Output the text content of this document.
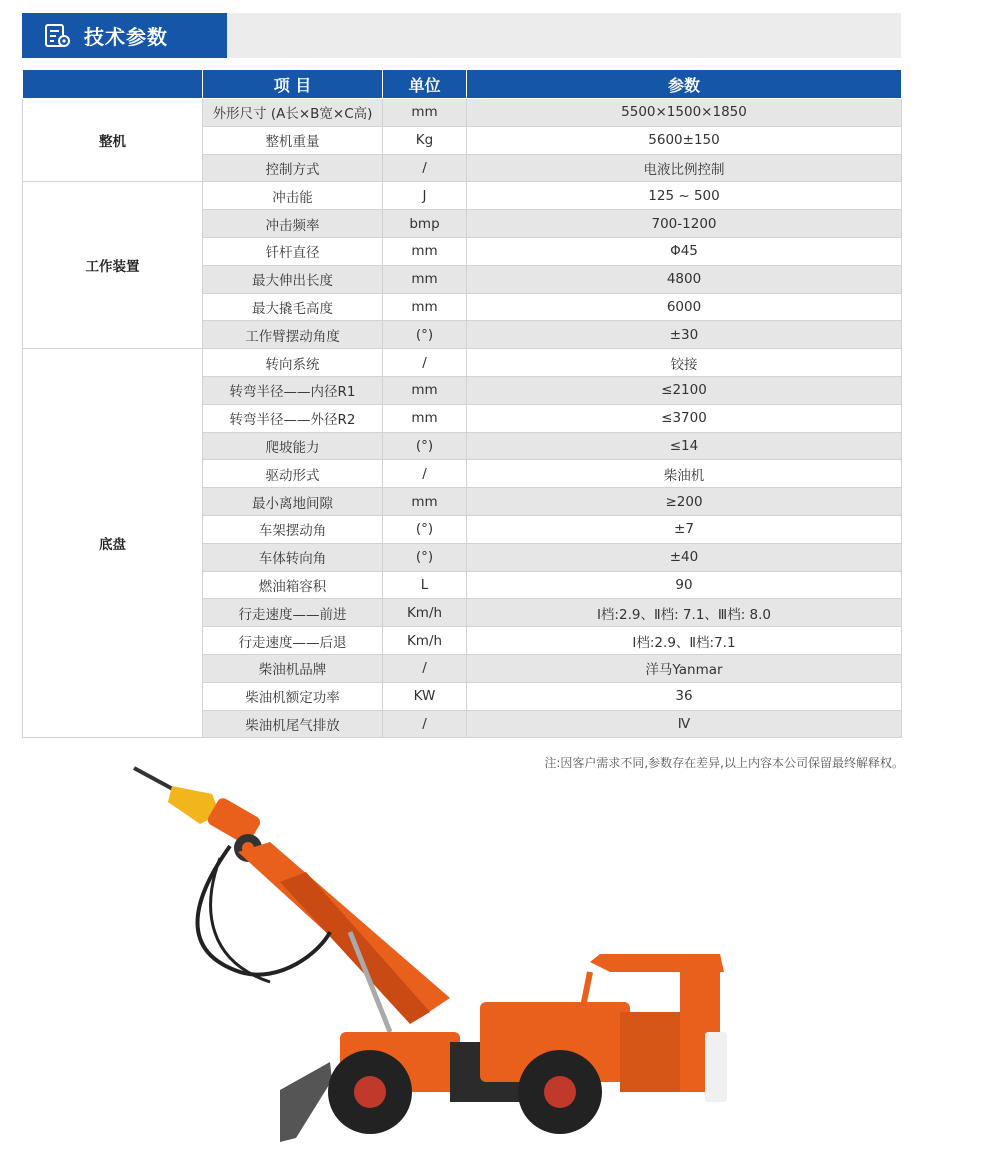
技术参数
	项 目	单位	参数
整机	外形尺寸 (A长×B宽×C高)	mm	5500×1500×1850
	整机重量	Kg	5600±150
	控制方式	/	电液比例控制
工作装置	冲击能	J	125 ~ 500
	冲击频率	bmp	700-1200
	钎杆直径	mm	Φ45
	最大伸出长度	mm	4800
	最大撬毛高度	mm	6000
	工作臂摆动角度	(°)	±30
底盘	转向系统	/	铰接
	转弯半径——内径R1	mm	≤2100
	转弯半径——外径R2	mm	≤3700
	爬坡能力	(°)	≤14
	驱动形式	/	柴油机
	最小离地间隙	mm	≥200
	车架摆动角	(°)	±7
	车体转向角	(°)	±40
	燃油箱容积	L	90
	行走速度——前进	Km/h	Ⅰ档:2.9、Ⅱ档: 7.1、Ⅲ档: 8.0
	行走速度——后退	Km/h	Ⅰ档:2.9、Ⅱ档:7.1
	柴油机品牌	/	洋马Yanmar
	柴油机额定功率	KW	36
	柴油机尾气排放	/	Ⅳ
注:因客户需求不同,参数存在差异,以上内容本公司保留最终解释权。
